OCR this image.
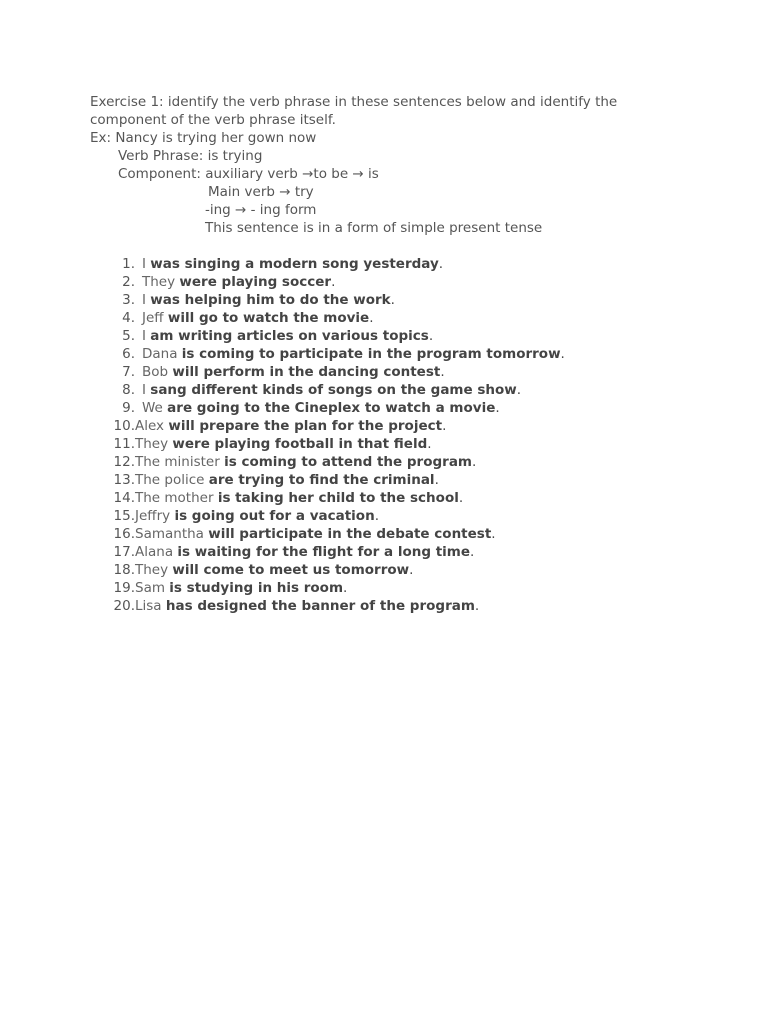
Exercise 1: identify the verb phrase in these sentences below and identify the

component of the verb phrase itself.

Ex: Nancy is trying her gown now

Verb Phrase: is trying

Component: auxiliary verb →to be → is

Main verb → try

-ing → - ing form

This sentence is in a form of simple present tense

1. I
was singing a modern song yesterday .
2. They
were playing soccer .
3. I
was helping him to do the work .
4. Jeff
will go to watch the movie .
5. I
am writing articles on various topics .
6. Dana
is coming to participate in the program tomorrow .
7. Bob
will perform in the dancing contest .
8. I
sang different kinds of songs on the game show .
9. We
are going to the Cineplex to watch a movie .
10. Alex
will prepare the plan for the project .
11. They
were playing football in that field .
12. The minister
is coming to attend the program .
13. The police
are trying to find the criminal .
14. The mother
is taking her child to the school .
15. Jeffry
is going out for a vacation .
16. Samantha
will participate in the debate contest .
17. Alana
is waiting for the flight for a long time .
18. They
will come to meet us tomorrow .
19. Sam
is studying in his room .
20. Lisa
has designed the banner of the program .
